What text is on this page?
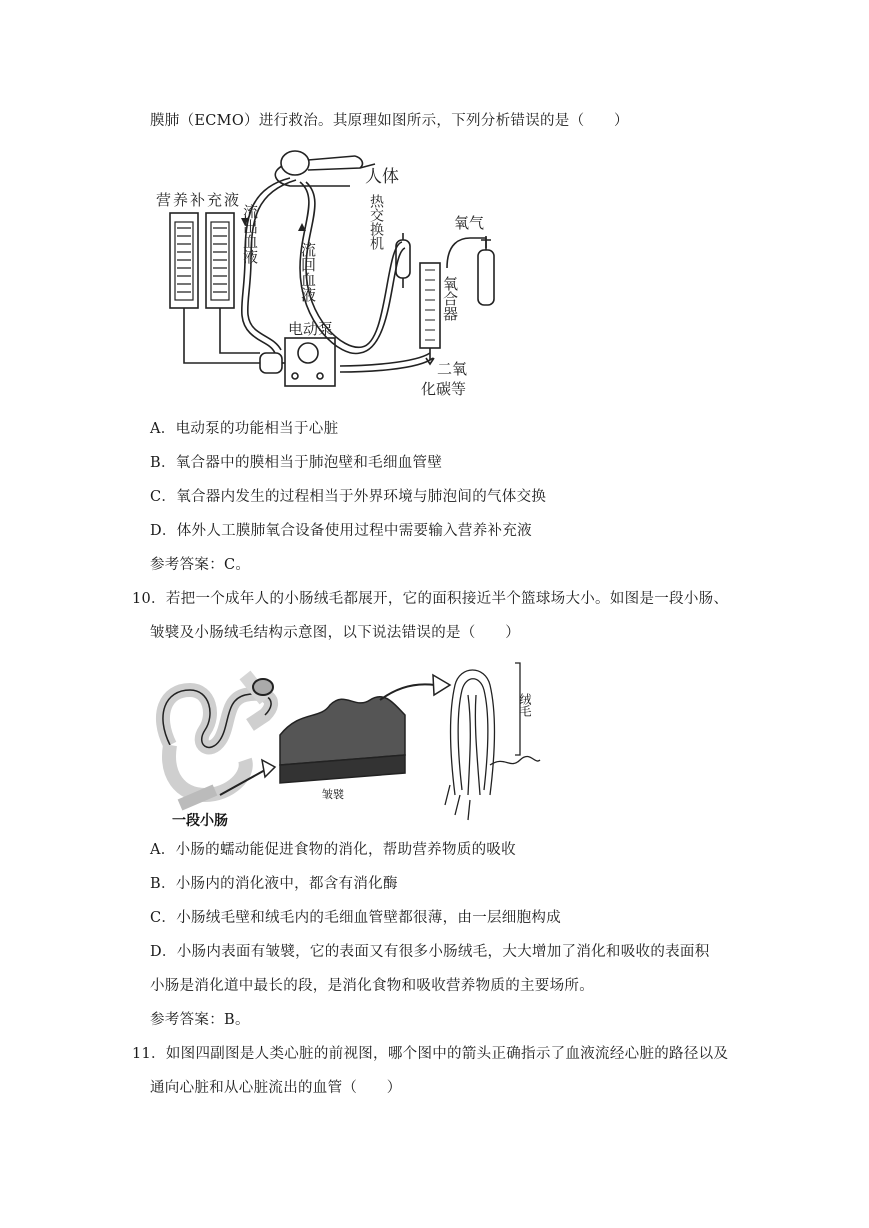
膜肺（ECMO）进行救治。其原理如图所示，下列分析错误的是（　　）
人体
营养补充液
流出血液
流回血液
热交换机
氧合器
氧气
电动泵
二氧化碳等
A．电动泵的功能相当于心脏
B．氧合器中的膜相当于肺泡壁和毛细血管壁
C．氧合器内发生的过程相当于外界环境与肺泡间的气体交换
D．体外人工膜肺氧合设备使用过程中需要输入营养补充液
参考答案：C。
10．若把一个成年人的小肠绒毛都展开，它的面积接近半个篮球场大小。如图是一段小肠、
皱襞及小肠绒毛结构示意图，以下说法错误的是（　　）
一段小肠
皱襞
绒毛
A．小肠的蠕动能促进食物的消化，帮助营养物质的吸收
B．小肠内的消化液中，都含有消化酶
C．小肠绒毛壁和绒毛内的毛细血管壁都很薄，由一层细胞构成
D．小肠内表面有皱襞，它的表面又有很多小肠绒毛，大大增加了消化和吸收的表面积
小肠是消化道中最长的段，是消化食物和吸收营养物质的主要场所。
参考答案：B。
11．如图四副图是人类心脏的前视图，哪个图中的箭头正确指示了血液流经心脏的路径以及
通向心脏和从心脏流出的血管（　　）
